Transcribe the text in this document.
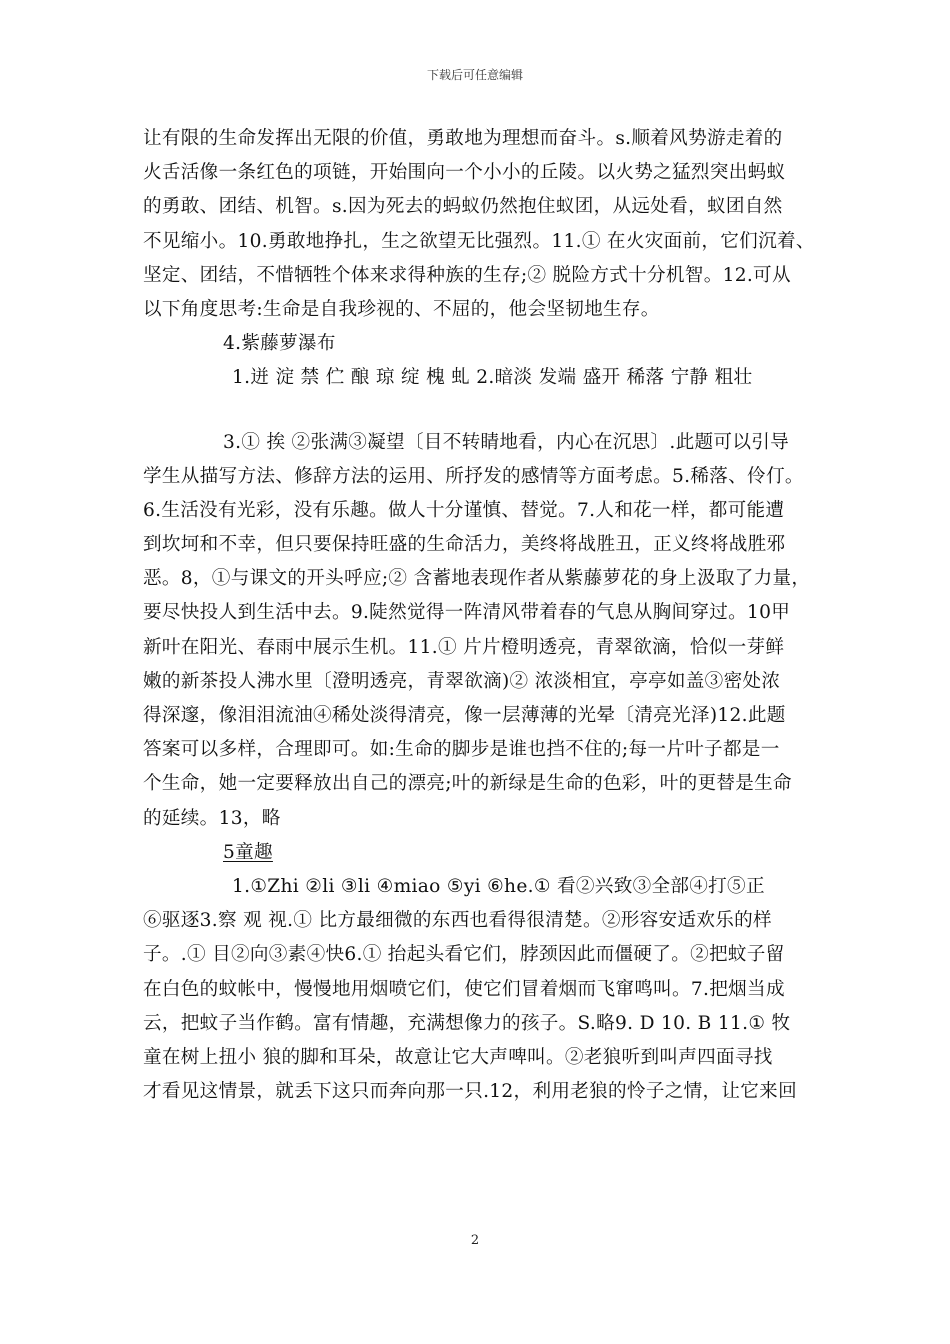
下载后可任意编辑
让有限的生命发挥出无限的价值，勇敢地为理想而奋斗。s.顺着风势游走着的
火舌活像一条红色的项链，开始围向一个小小的丘陵。以火势之猛烈突出蚂蚁
的勇敢、团结、机智。s.因为死去的蚂蚁仍然抱住蚁团，从远处看，蚁团自然
不见缩小。10.勇敢地挣扎，生之欲望无比强烈。11.① 在火灾面前，它们沉着、
坚定、团结，不惜牺牲个体来求得种族的生存;② 脱险方式十分机智。12.可从
以下角度思考:生命是自我珍视的、不屈的，他会坚韧地生存。
4.紫藤萝瀑布
1.迸 淀 禁 伫 酿 琼 绽 槐 虬 2.暗淡 发端 盛开 稀落 宁静 粗壮
3.① 挨 ②张满③凝望〔目不转睛地看，内心在沉思〕.此题可以引导
学生从描写方法、修辞方法的运用、所抒发的感情等方面考虑。5.稀落、伶仃。
6.生活没有光彩，没有乐趣。做人十分谨慎、替觉。7.人和花一样，都可能遭
到坎坷和不幸，但只要保持旺盛的生命活力，美终将战胜丑，正义终将战胜邪
恶。8，①与课文的开头呼应;② 含蓄地表现作者从紫藤萝花的身上汲取了力量，
要尽快投人到生活中去。9.陡然觉得一阵清风带着春的气息从胸间穿过。10甲
新叶在阳光、春雨中展示生机。11.① 片片橙明透亮，青翠欲滴，恰似一芽鲜
嫩的新茶投人沸水里〔澄明透亮，青翠欲滴)② 浓淡相宜，亭亭如盖③密处浓
得深邃，像泪泪流油④稀处淡得清亮，像一层薄薄的光晕〔清亮光泽)12.此题
答案可以多样，合理即可。如:生命的脚步是谁也挡不住的;每一片叶子都是一
个生命，她一定要释放出自己的漂亮;叶的新绿是生命的色彩，叶的更替是生命
的延续。13，略
5童趣
1.①Zhi ②li ③li ④miao ⑤yi ⑥he.① 看②兴致③全部④打⑤正
⑥驱逐3.察 观 视.① 比方最细微的东西也看得很清楚。②形容安适欢乐的样
子。.① 目②向③素④快6.① 抬起头看它们，脖颈因此而僵硬了。②把蚊子留
在白色的蚊帐中，慢慢地用烟喷它们，使它们冒着烟而飞窜鸣叫。7.把烟当成
云，把蚊子当作鹤。富有情趣，充满想像力的孩子。S.略9. D 10. B 11.① 牧
童在树上扭小 狼的脚和耳朵，故意让它大声啤叫。②老狼听到叫声四面寻找
才看见这情景，就丢下这只而奔向那一只.12，利用老狼的怜子之情，让它来回
2
